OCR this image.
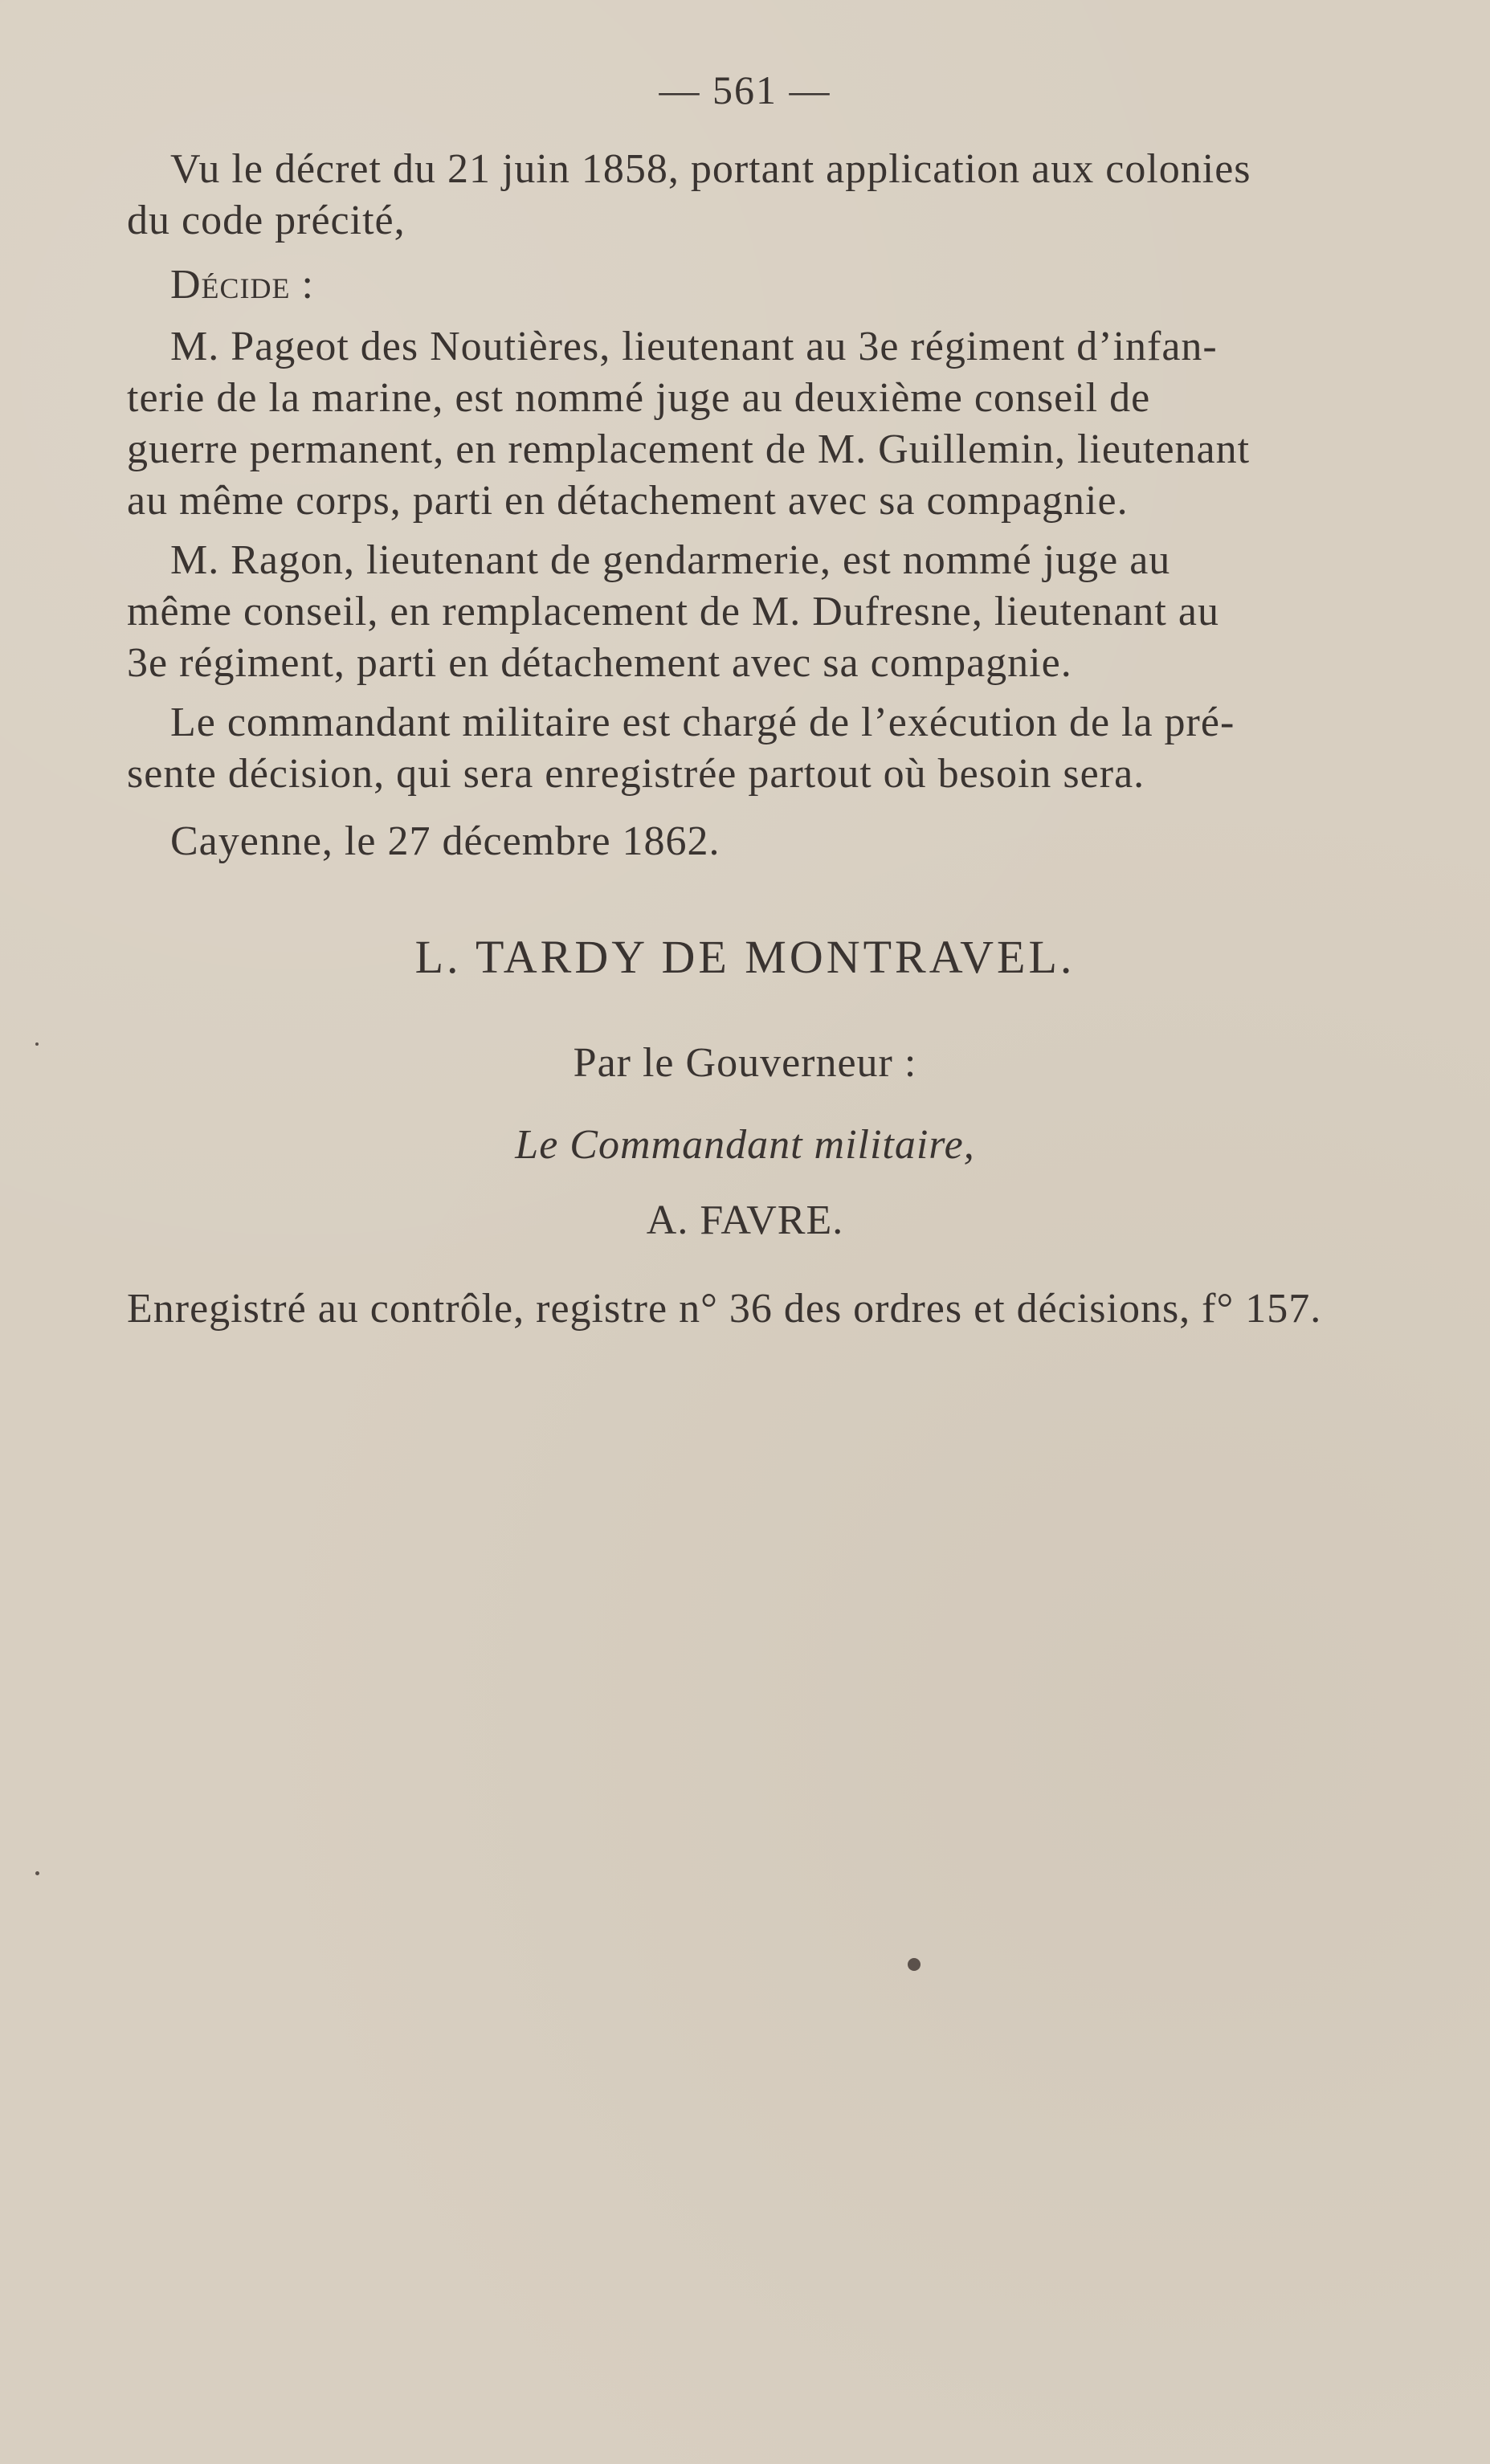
— 561 —
Vu le décret du 21 juin 1858, portant application aux colonies
du code précité,
Décide :
M. Pageot des Noutières, lieutenant au 3e régiment d’infan-
terie de la marine, est nommé juge au deuxième conseil de
guerre permanent, en remplacement de M. Guillemin, lieutenant
au même corps, parti en détachement avec sa compagnie.
M. Ragon, lieutenant de gendarmerie, est nommé juge au
même conseil, en remplacement de M. Dufresne, lieutenant au
3e régiment, parti en détachement avec sa compagnie.
Le commandant militaire est chargé de l’exécution de la pré-
sente décision, qui sera enregistrée partout où besoin sera.
Cayenne, le 27 décembre 1862.
L. TARDY DE MONTRAVEL.
Par le Gouverneur :
Le Commandant militaire,
A. FAVRE.
Enregistré au contrôle, registre n° 36 des ordres et décisions, f° 157.
